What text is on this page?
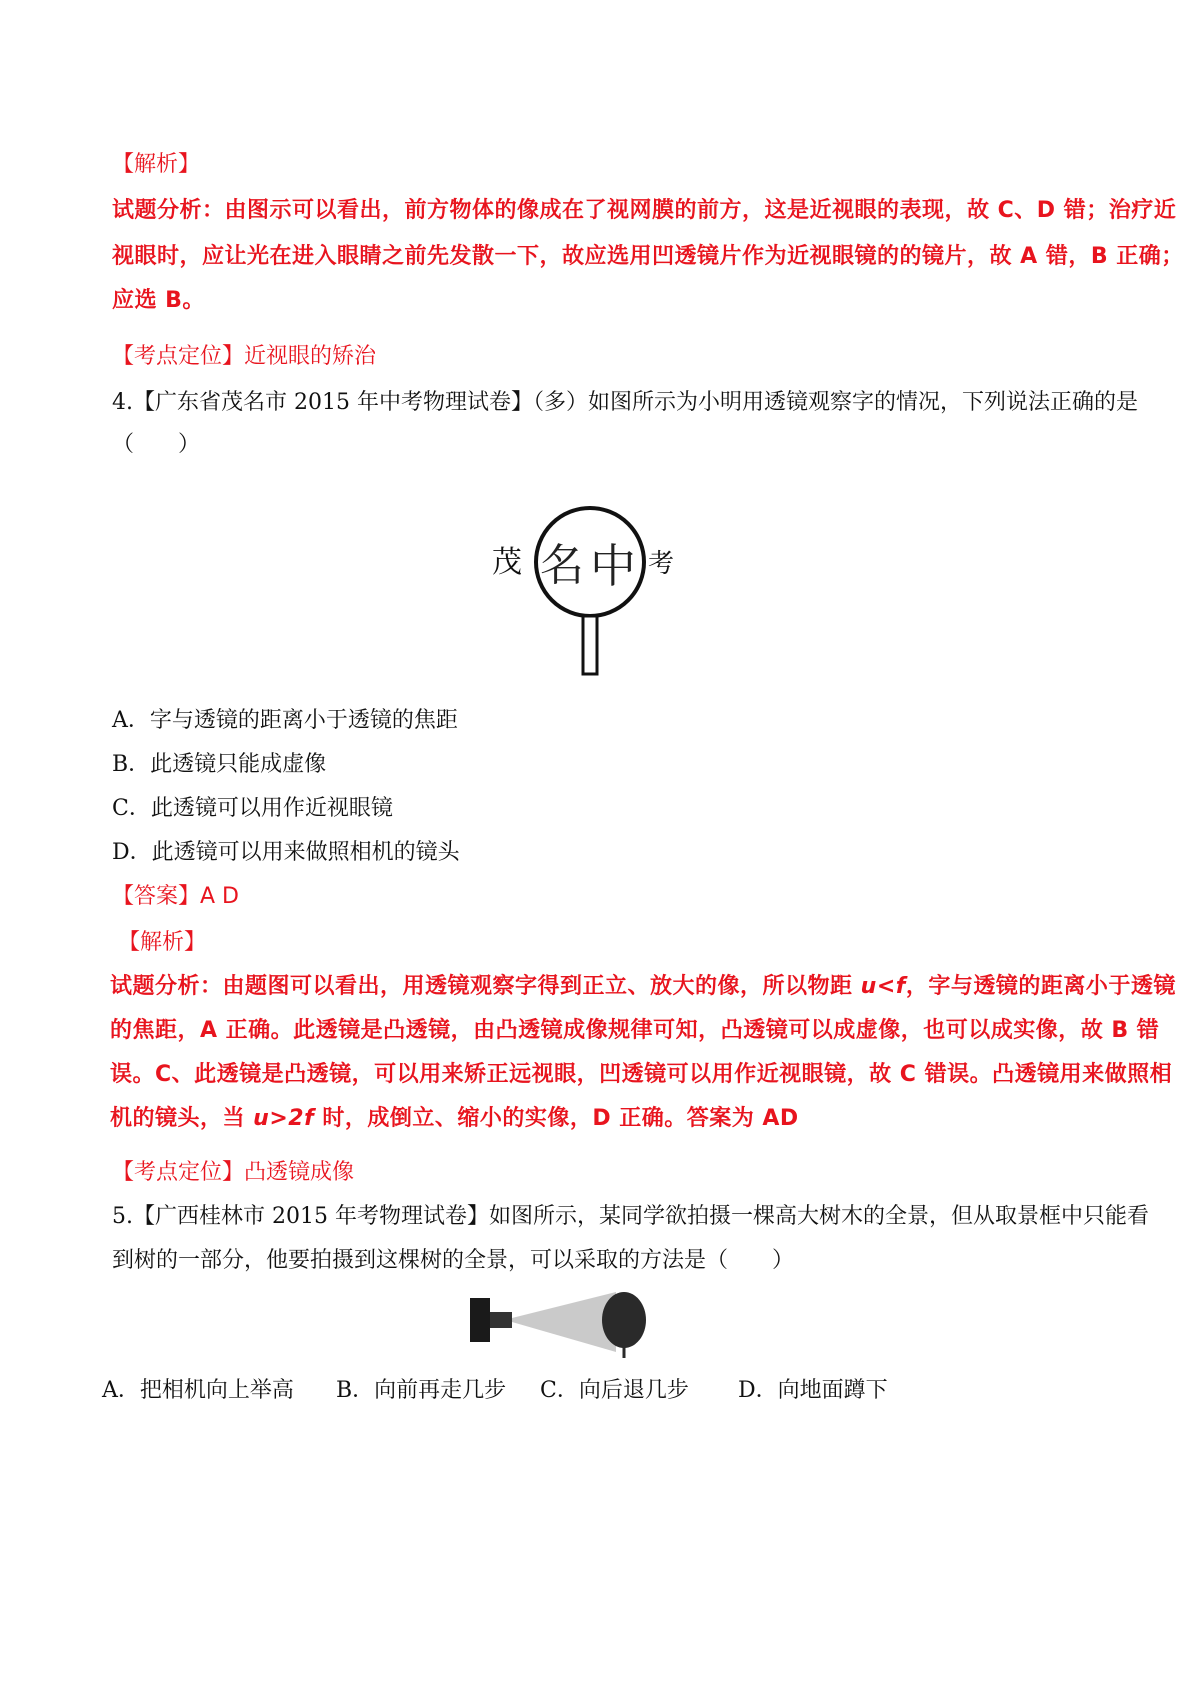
【解析】
试题分析：由图示可以看出，前方物体的像成在了视网膜的前方，这是近视眼的表现，故 C、D 错；治疗近
视眼时，应让光在进入眼睛之前先发散一下，故应选用凹透镜片作为近视眼镜的的镜片，故 A 错，B 正确；
应选 B。
【考点定位】近视眼的矫治
4.【广东省茂名市 2015 年中考物理试卷】（多）如图所示为小明用透镜观察字的情况，下列说法正确的是
（　　）
茂 名 中 考
A．字与透镜的距离小于透镜的焦距
B．此透镜只能成虚像
C．此透镜可以用作近视眼镜
D．此透镜可以用来做照相机的镜头
【答案】A D
【解析】
试题分析：由题图可以看出，用透镜观察字得到正立、放大的像，所以物距 u<f，字与透镜的距离小于透镜
的焦距，A 正确。此透镜是凸透镜，由凸透镜成像规律可知，凸透镜可以成虚像，也可以成实像，故 B 错
误。C、此透镜是凸透镜，可以用来矫正远视眼，凹透镜可以用作近视眼镜，故 C 错误。凸透镜用来做照相
机的镜头，当 u>2f 时，成倒立、缩小的实像，D 正确。答案为 AD
【考点定位】凸透镜成像
5.【广西桂林市 2015 年考物理试卷】如图所示，某同学欲拍摄一棵高大树木的全景，但从取景框中只能看
到树的一部分，他要拍摄到这棵树的全景，可以采取的方法是（　　）
A．把相机向上举高 B．向前再走几步 C．向后退几步 D．向地面蹲下
